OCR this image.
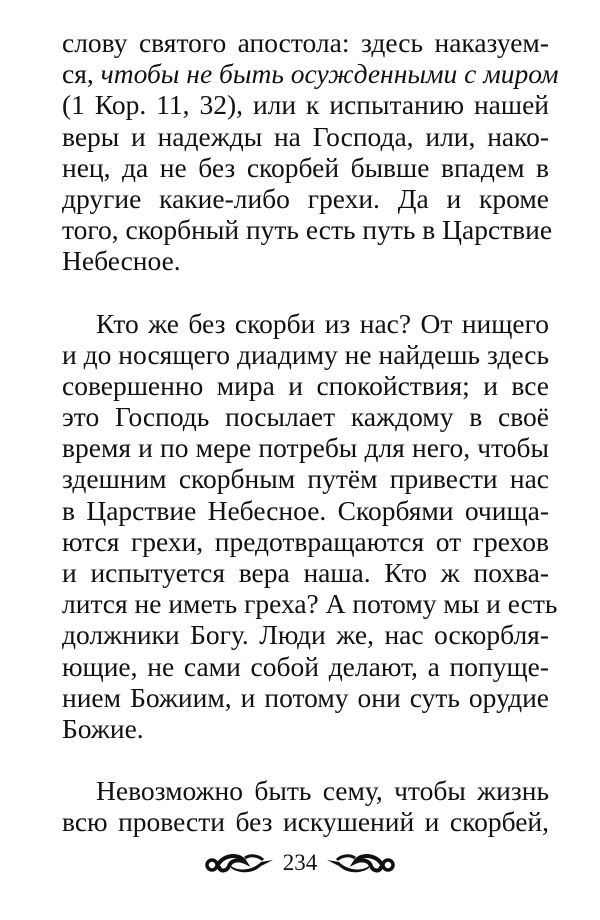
слову святого апостола: здесь наказуем-
ся, чтобы не быть осужденными с миром
(1 Кор. 11, 32), или к испытанию нашей
веры и надежды на Господа, или, нако-
нец, да не без скорбей бывше впадем в
другие какие-либо грехи. Да и кроме
того, скорбный путь есть путь в Царствие
Небесное.
Кто же без скорби из нас? От нищего
и до носящего диадиму не найдешь здесь
совершенно мира и спокойствия; и все
это Господь посылает каждому в своё
время и по мере потребы для него, чтобы
здешним скорбным путём привести нас
в Царствие Небесное. Скорбями очища-
ются грехи, предотвращаются от грехов
и испытуется вера наша. Кто ж похва-
лится не иметь греха? А потому мы и есть
должники Богу. Люди же, нас оскорбля-
ющие, не сами собой делают, а попуще-
нием Божиим, и потому они суть орудие
Божие.
Невозможно быть сему, чтобы жизнь
всю провести без искушений и скорбей,
234
